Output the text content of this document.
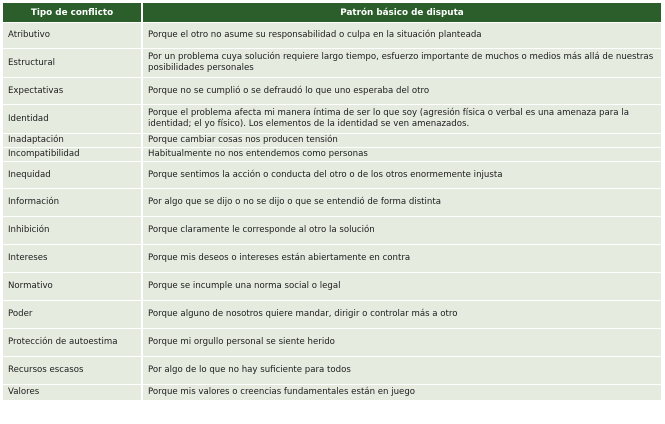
Tipo de conflicto	Patrón básico de disputa
Atributivo	Porque el otro no asume su responsabilidad o culpa en la situación planteada
Estructural	Por un problema cuya solución requiere largo tiempo, esfuerzo importante de muchos o medios más allá de nuestras posibilidades personales
Expectativas	Porque no se cumplió o se defraudó lo que uno esperaba del otro
Identidad	Porque el problema afecta mi manera íntima de ser lo que soy (agresión física o verbal es una amenaza para la identidad; el yo físico). Los elementos de la identidad se ven amenazados.
Inadaptación	Porque cambiar cosas nos producen tensión
Incompatibilidad	Habitualmente no nos entendemos como personas
Inequidad	Porque sentimos la acción o conducta del otro o de los otros enormemente injusta
Información	Por algo que se dijo o no se dijo o que se entendió de forma distinta
Inhibición	Porque claramente le corresponde al otro la solución
Intereses	Porque mis deseos o intereses están abiertamente en contra
Normativo	Porque se incumple una norma social o legal
Poder	Porque alguno de nosotros quiere mandar, dirigir o controlar más a otro
Protección de autoestima	Porque mi orgullo personal se siente herido
Recursos escasos	Por algo de lo que no hay suficiente para todos
Valores	Porque mis valores o creencias fundamentales están en juego
